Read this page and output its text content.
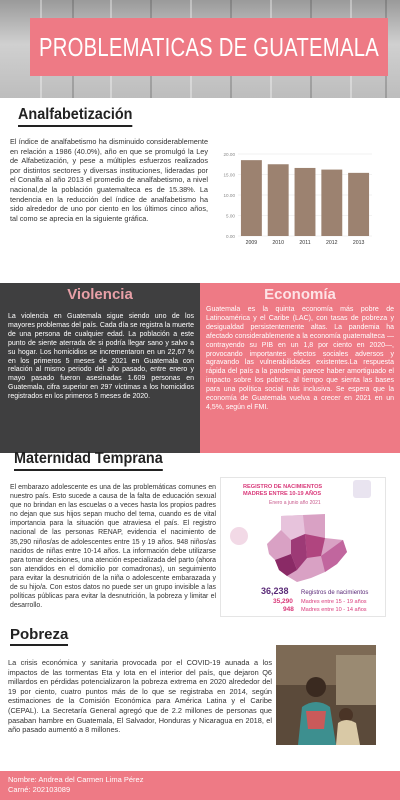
PROBLEMATICAS DE GUATEMALA
Analfabetización
El índice de analfabetismo ha disminuido considerablemente en relación a 1986 (40.0%), año en que se promulgó la Ley de Alfabetización, y pese a múltiples esfuerzos realizados por distintos sectores y diversas instituciones, lideradas por el Conalfa al año 2013 el promedio de analfabetismo, a nivel nacional,de la población guatemalteca es de 15.38%. La tendencia en la reducción del índice de analfabetismo ha sido alrededor de uno por ciento en los últimos cinco años, tal como se aprecia en la siguiente gráfica.
0.00
5.00
10.00
15.00
20.00
2009	2010	2011	2012	2013
Violencia	Economía
La violencia en Guatemala sigue siendo uno de los mayores problemas del país. Cada día se registra la muerte de una persona de cualquier edad. La población a este punto de siente aterrada de si podría llegar sano y salvo a su hogar. Los homicidios se incrementaron en un 22,67 % en los primeros 5 meses de 2021 en Guatemala con relación al mismo periodo del año pasado, entre enero y mayo pasado fueron asesinadas 1.609 personas en Guatemala, cifra superior en 297 víctimas a los homicidios registrados en los primeros 5 meses de 2020.
Guatemala es la quinta economía más pobre de Latinoamérica y el Caribe (LAC), con tasas de pobreza y desigualdad persistentemente altas. La pandemia ha afectado considerablemente a la economía guatemalteca —contrayendo su PIB en un 1,8 por ciento en 2020—, provocando importantes efectos sociales adversos y agravando las vulnerabilidades existentes.La respuesta rápida del país a la pandemia parece haber amortiguado el impacto sobre los pobres, al tiempo que sienta las bases para una política social más inclusiva. Se espera que la economía de Guatemala vuelva a crecer en 2021 en un 4,5%, según el FMI.
Maternidad Temprana
El embarazo adolescente es una de las problemáticas comunes en nuestro país. Esto sucede a causa de la falta de educación sexual que no brindan en las escuelas o a veces hasta los propios padres no dejan que sus hijos sepan mucho del tema, cuando es de vital importancia para la situación que atraviesa el país. El registro nacional de las personas RENAP, evidencia el nacimiento de 35,290 niños/as de adolescentes entre 15 y 19 años. 948 niños/as nacidos de niñas entre 10-14 años. La información debe utilizarse para tomar decisiones, una atención especializada del parto (ahora son atendidos en el domicilio por comadronas), un seguimiento para evitar la desnutrición de la niña o adolescente embarazada y de su hijo/a. Con estos datos no puede ser un grupo invisible a las políticas públicas para evitar la desnutrición, la pobreza y limitar el desarrollo.
REGISTRO DE NACIMIENTOS
MADRES ENTRE 10-19 AÑOS
Enero a junio año 2021
36,238 Registros de nacimientos
35,290 Madres entre 15 - 19 años
948 Madres entre 10 - 14 años
Pobreza
La crisis económica y sanitaria provocada por el COVID-19 aunada a los impactos de las tormentas Eta y Iota en el interior del país, que dejaron Q6 millardos en pérdidas potencializaron la pobreza extrema en 2020 alrededor del 19 por ciento, cuatro puntos más de lo que se registraba en 2014, según estimaciones de la Comisión Económica para América Latina y el Caribe (CEPAL). La Secretaría General agregó que de 2.2 millones de personas que pasaban hambre en Guatemala, El Salvador, Honduras y Nicaragua en 2018, el año pasado aumentó a 8 millones.
Nombre: Andrea del Carmen Lima Pérez
Carné: 202103089
